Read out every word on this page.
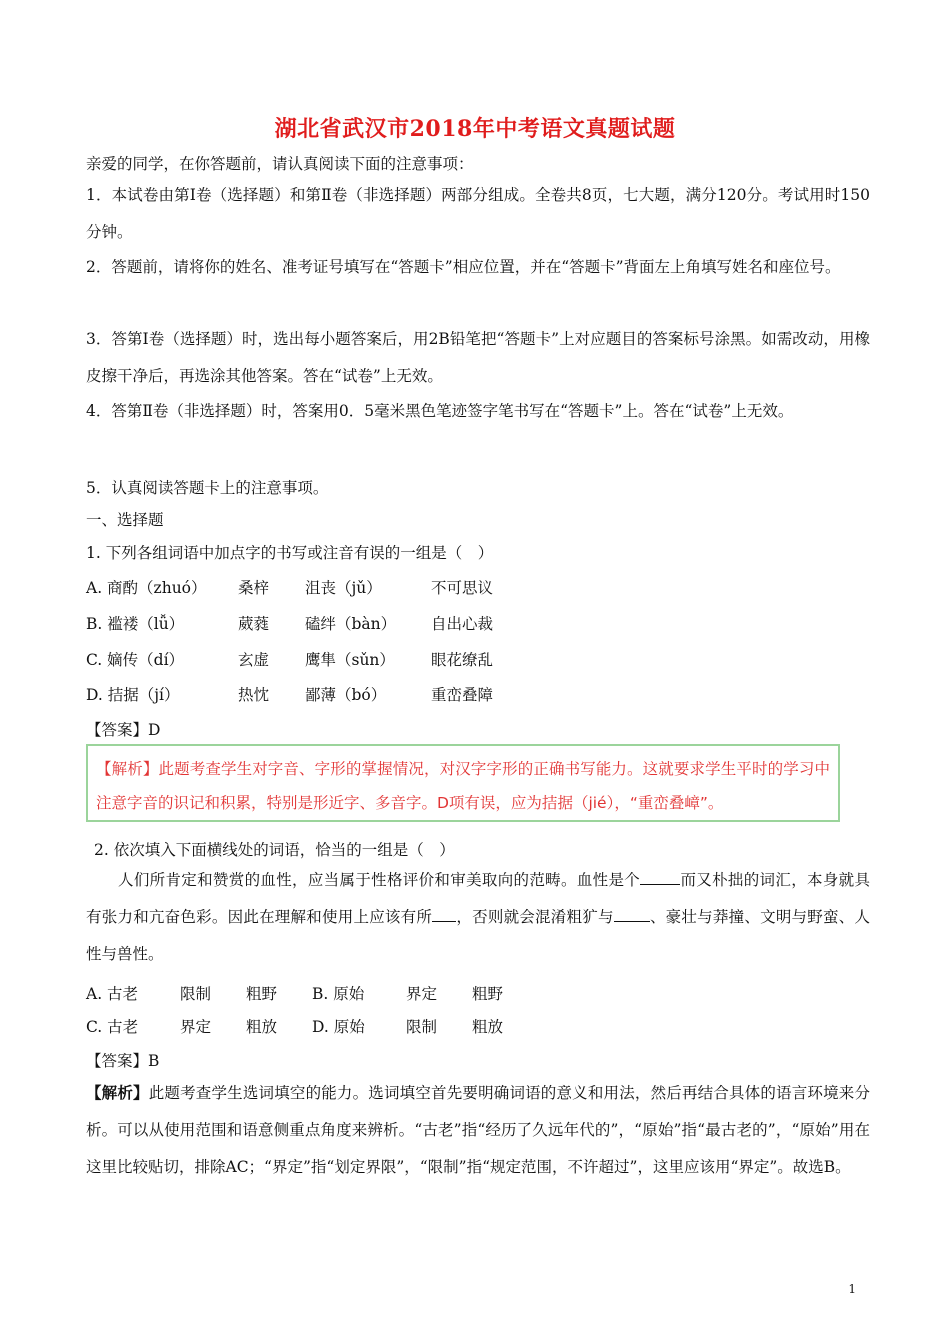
湖北省武汉市2018年中考语文真题试题
亲爱的同学，在你答题前，请认真阅读下面的注意事项：
1．本试卷由第Ⅰ卷（选择题）和第Ⅱ卷（非选择题）两部分组成。全卷共8页，七大题，满分120分。考试用时150分钟。
2．答题前，请将你的姓名、准考证号填写在“答题卡”相应位置，并在“答题卡”背面左上角填写姓名和座位号。
3．答第Ⅰ卷（选择题）时，选出每小题答案后，用2B铅笔把“答题卡”上对应题目的答案标号涂黑。如需改动，用橡皮擦干净后，再选涂其他答案。答在“试卷”上无效。
4．答第Ⅱ卷（非选择题）时，答案用0．5毫米黑色笔迹签字笔书写在“答题卡”上。答在“试卷”上无效。
5．认真阅读答题卡上的注意事项。
一、选择题
1. 下列各组词语中加点字的书写或注音有误的一组是（　）
A. 商酌（zhuó） 桑梓 沮丧（jǔ）	不可思议
B. 褴褛（lǚ）	葳蕤 磕绊（bàn） 自出心裁
C. 嫡传（dí）	玄虚 鹰隼（sǔn） 眼花缭乱
D. 拮据（jí）	热忱 鄙薄（bó）	重峦叠障
【答案】D
【解析】此题考查学生对字音、字形的掌握情况，对汉字字形的正确书写能力。这就要求学生平时的学习中注意字音的识记和积累，特别是形近字、多音字。D项有误，应为拮据（jié），“重峦叠嶂”。
2. 依次填入下面横线处的词语，恰当的一组是（　）
人们所肯定和赞赏的血性，应当属于性格评价和审美取向的范畴。血性是个	而又朴拙的词汇，本身就具有张力和亢奋色彩。因此在理解和使用上应该有所 ，否则就会混淆粗犷与 、豪壮与莽撞、文明与野蛮、人性与兽性。
A. 古老	限制 粗野 B. 原始	界定 粗野
C. 古老	界定 粗放 D. 原始	限制 粗放
【答案】B
【解析】此题考查学生选词填空的能力。选词填空首先要明确词语的意义和用法，然后再结合具体的语言环境来分析。可以从使用范围和语意侧重点角度来辨析。“古老”指“经历了久远年代的”，“原始”指“最古老的”，“原始”用在这里比较贴切，排除AC；“界定”指“划定界限”，“限制”指“规定范围，不许超过”，这里应该用“界定”。故选B。
1
